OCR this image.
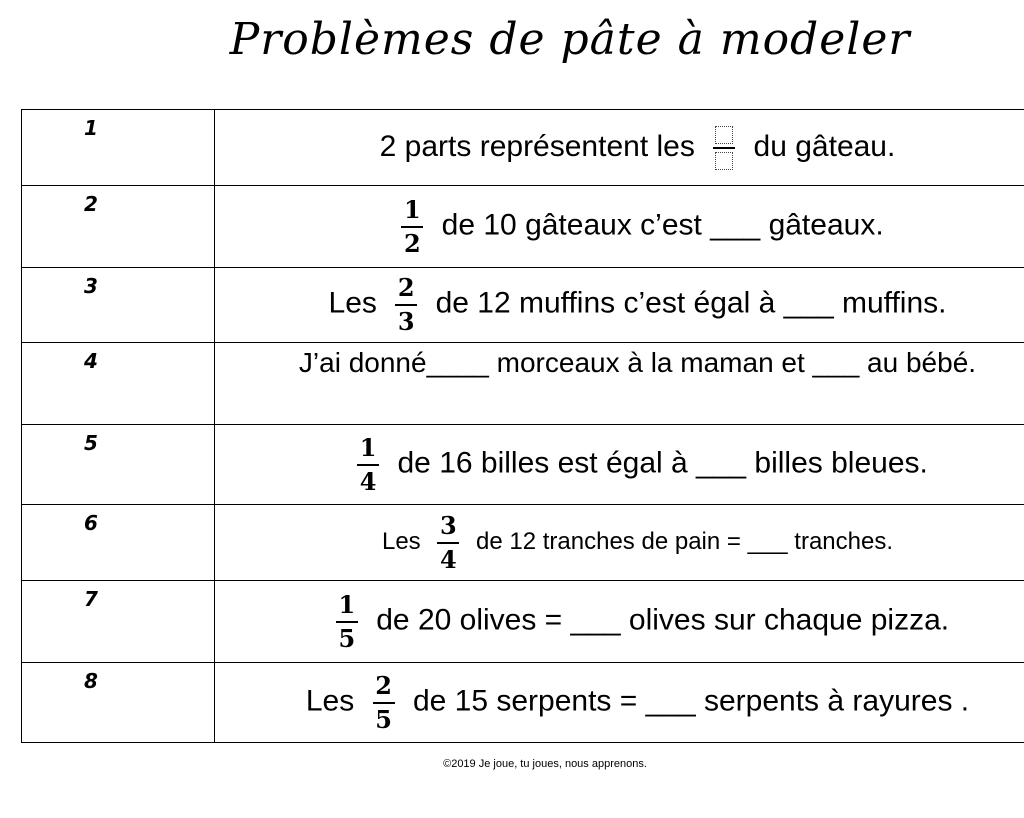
Problèmes de pâte à modeler
1	2 parts représentent les du gâteau.
2	$\frac{1}{2}$ de 10 gâteaux c’est ___ gâteaux.
3	Les $\frac{2}{3}$ de 12 muffins c’est égal à ___ muffins.
4	J’ai donné____ morceaux à la maman et ___ au bébé.
5	$\frac{1}{4}$ de 16 billes est égal à ___ billes bleues.
6	Les $\frac{3}{4}$ de 12 tranches de pain = ___ tranches.
7	$\frac{1}{5}$ de 20 olives = ___ olives sur chaque pizza.
8	Les $\frac{2}{5}$ de 15 serpents = ___ serpents à rayures .
©2019 Je joue, tu joues, nous apprenons.
